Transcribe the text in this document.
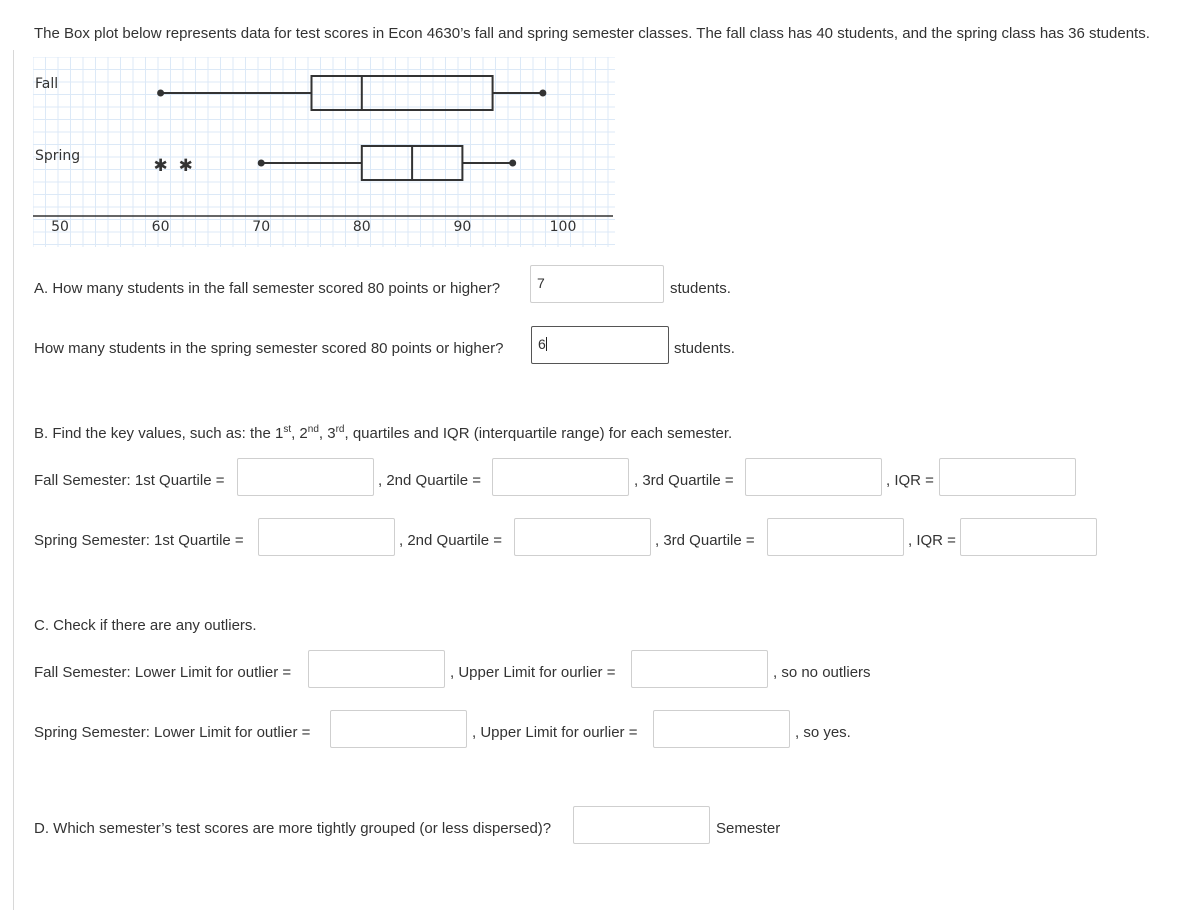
The Box plot below represents data for test scores in Econ 4630’s fall and spring semester classes. The fall class has 40 students, and the spring class has 36 students.
50	60	70	80	90	100
✱ ✱
Fall
Spring
A. How many students in the fall semester scored 80 points or higher?	7	students.
How many students in the spring semester scored 80 points or higher?	6	students.
B. Find the key values, such as: the 1st, 2nd, 3rd, quartiles and IQR (interquartile range) for each semester.
Fall Semester: 1st Quartile =	, 2nd Quartile =	, 3rd Quartile =	, IQR =
Spring Semester: 1st Quartile =	, 2nd Quartile =	, 3rd Quartile =	, IQR =
C. Check if there are any outliers.
Fall Semester: Lower Limit for outlier =	, Upper Limit for ourlier =	, so no outliers
Spring Semester: Lower Limit for outlier =	, Upper Limit for ourlier =	, so yes.
D. Which semester’s test scores are more tightly grouped (or less dispersed)?	Semester
